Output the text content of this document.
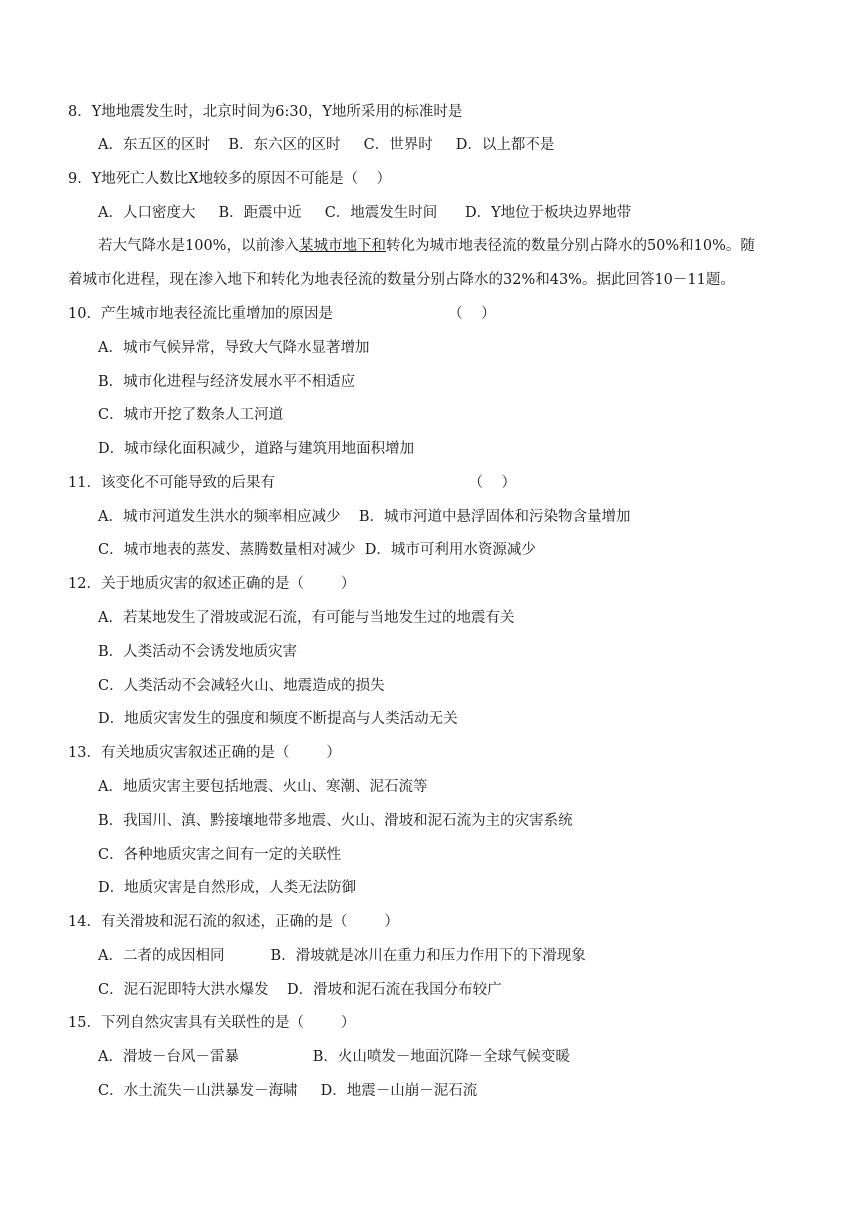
8．Y地地震发生时，北京时间为6:30，Y地所采用的标准时是
A．东五区的区时    B．东六区的区时     C．世界时     D．以上都不是
9．Y地死亡人数比X地较多的原因不可能是（    ）
A．人口密度大     B．距震中近     C．地震发生时间      D．Y地位于板块边界地带
若大气降水是100%，以前渗入某城市地下和转化为城市地表径流的数量分别占降水的50%和10%。随
着城市化进程，现在渗入地下和转化为地表径流的数量分别占降水的32%和43%。据此回答10－11题。
10．产生城市地表径流比重增加的原因是                         （    ）
A．城市气候异常，导致大气降水显著增加
B．城市化进程与经济发展水平不相适应
C．城市开挖了数条人工河道
D．城市绿化面积减少，道路与建筑用地面积增加
11．该变化不可能导致的后果有                                          （    ）
A．城市河道发生洪水的频率相应减少    B．城市河道中悬浮固体和污染物含量增加
C．城市地表的蒸发、蒸腾数量相对减少  D．城市可利用水资源减少
12．关于地质灾害的叙述正确的是（        ）
A．若某地发生了滑坡或泥石流，有可能与当地发生过的地震有关
B．人类活动不会诱发地质灾害
C．人类活动不会减轻火山、地震造成的损失
D．地质灾害发生的强度和频度不断提高与人类活动无关
13．有关地质灾害叙述正确的是（        ）
A．地质灾害主要包括地震、火山、寒潮、泥石流等
B．我国川、滇、黔接壤地带多地震、火山、滑坡和泥石流为主的灾害系统
C．各种地质灾害之间有一定的关联性
D．地质灾害是自然形成，人类无法防御
14．有关滑坡和泥石流的叙述，正确的是（        ）
A．二者的成因相同          B．滑坡就是冰川在重力和压力作用下的下滑现象
C．泥石泥即特大洪水爆发    D．滑坡和泥石流在我国分布较广
15．下列自然灾害具有关联性的是（        ）
A．滑坡－台风－雷暴                B．火山喷发－地面沉降－全球气候变暖
C．水土流失－山洪暴发－海啸     D．地震－山崩－泥石流
